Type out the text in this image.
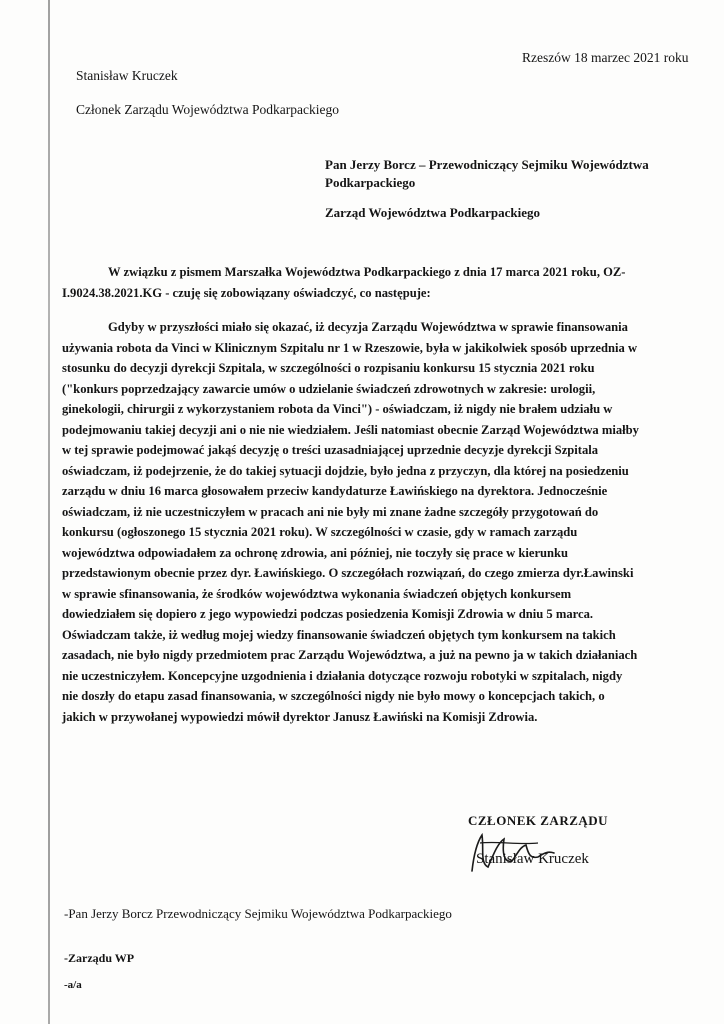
Rzeszów 18 marzec 2021 roku
Stanisław Kruczek
Członek Zarządu Województwa Podkarpackiego
Pan Jerzy Borcz – Przewodniczący Sejmiku Województwa
Podkarpackiego
Zarząd Województwa Podkarpackiego
W związku z pismem Marszałka Województwa Podkarpackiego z dnia 17 marca 2021 roku, OZ-
I.9024.38.2021.KG - czuję się zobowiązany oświadczyć, co następuje:
Gdyby w przyszłości miało się okazać, iż decyzja Zarządu Województwa w sprawie finansowania
używania robota da Vinci w Klinicznym Szpitalu nr 1 w Rzeszowie, była w jakikolwiek sposób uprzednia w
stosunku do decyzji dyrekcji Szpitala, w szczególności o rozpisaniu konkursu 15 stycznia 2021 roku
("konkurs poprzedzający zawarcie umów o udzielanie świadczeń zdrowotnych w zakresie: urologii,
ginekologii, chirurgii z wykorzystaniem robota da Vinci") - oświadczam, iż nigdy nie brałem udziału w
podejmowaniu takiej decyzji ani o nie nie wiedziałem. Jeśli natomiast obecnie Zarząd Województwa miałby
w tej sprawie podejmować jakąś decyzję o treści uzasadniającej uprzednie decyzje dyrekcji Szpitala
oświadczam, iż podejrzenie, że do takiej sytuacji dojdzie, było jedna z przyczyn, dla której na posiedzeniu
zarządu w dniu 16 marca głosowałem przeciw kandydaturze Ławińskiego na dyrektora. Jednocześnie
oświadczam, iż nie uczestniczyłem w pracach ani nie były mi znane żadne szczegóły przygotowań do
konkursu (ogłoszonego 15 stycznia 2021 roku). W szczególności w czasie, gdy w ramach zarządu
województwa odpowiadałem za ochronę zdrowia, ani później, nie toczyły się prace w kierunku
przedstawionym obecnie przez dyr. Ławińskiego. O szczegółach rozwiązań, do czego zmierza dyr.Ławinski
w sprawie sfinansowania, że środków województwa wykonania świadczeń objętych konkursem
dowiedziałem się dopiero z jego wypowiedzi podczas posiedzenia Komisji Zdrowia w dniu 5 marca.
Oświadczam także, iż według mojej wiedzy finansowanie świadczeń objętych tym konkursem na takich
zasadach, nie było nigdy przedmiotem prac Zarządu Województwa, a już na pewno ja w takich działaniach
nie uczestniczyłem. Koncepcyjne uzgodnienia i działania dotyczące rozwoju robotyki w szpitalach, nigdy
nie doszły do etapu zasad finansowania, w szczególności nigdy nie było mowy o koncepcjach takich, o
jakich w przywołanej wypowiedzi mówił dyrektor Janusz Ławiński na Komisji Zdrowia.
CZŁONEK ZARZĄDU
Stanisław Kruczek
-Pan Jerzy Borcz Przewodniczący Sejmiku Województwa Podkarpackiego
-Zarządu WP
-a/a
